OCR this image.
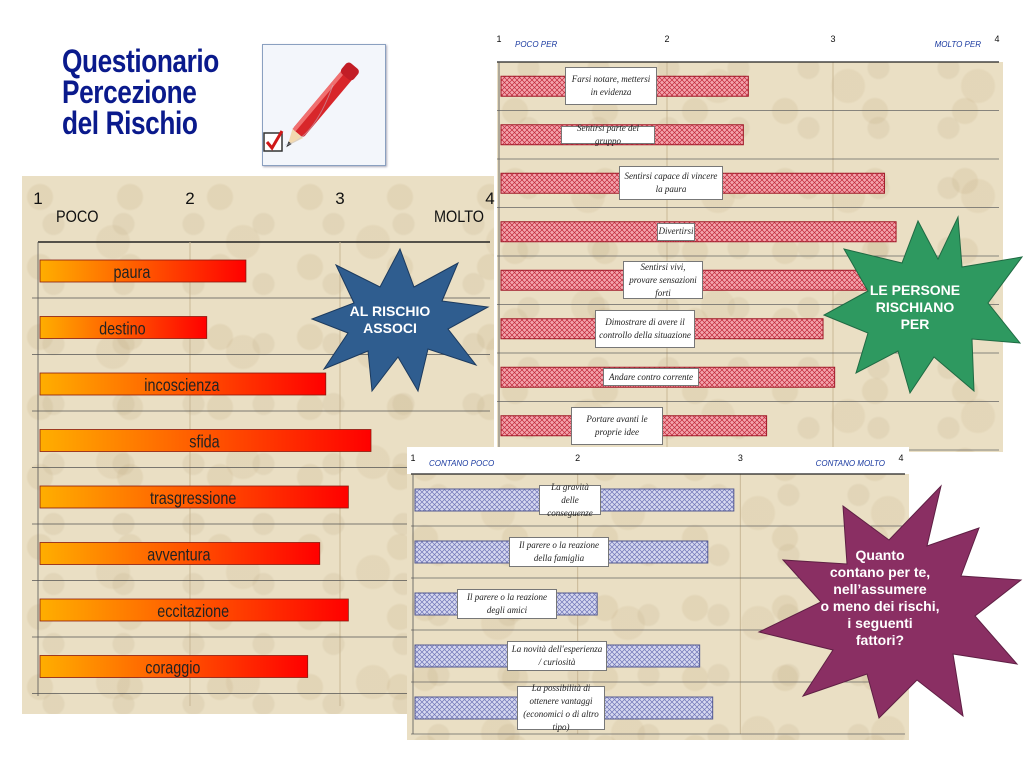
Questionario
Percezione
del Rischio
1	2	3	4
POCO	MOLTO
paura
destino
incoscienza
sfida
trasgressione
avventura
eccitazione
coraggio
1	2	3	4
POCO PER	MOLTO PER
Farsi notare, mettersi in evidenza
Sentirsi parte del gruppo
Sentirsi capace di vincere la paura
Divertirsi
Sentirsi vivi, provare sensazioni forti
Dimostrare di avere il controllo della situazione
Andare contro corrente
Portare avanti le proprie idee
1	2	3	4
CONTANO POCO	CONTANO MOLTO
La gravità delle conseguenze
Il parere o la reazione della famiglia
Il parere o la reazione degli amici
La novità dell'esperienza / curiosità
La possibilità di ottenere vantaggi (economici o di altro tipo)
AL RISCHIO
ASSOCI
LE PERSONE
RISCHIANO
PER
Quanto
contano per te,
nell’assumere
o meno dei rischi,
i seguenti
fattori?
